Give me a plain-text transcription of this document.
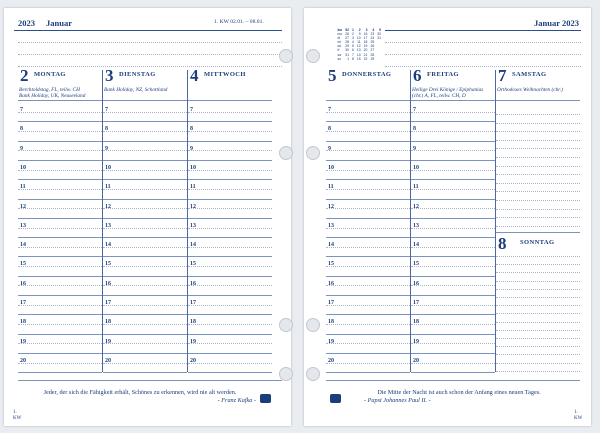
2023 Januar	1. KW 02.01. – 08.01.
2 MONTAG
Berchtoldstag, FL, teilw. CH
Bank Holiday, UK, Neuseeland
3 DIENSTAG
Bank Holiday, NZ, Schottland
4 MITTWOCH
7	7	7
8	8	8
9	9	9
10	10	10
11	11	11
12	12	12
13	13	13
14	14	14
15	15	15
16	16	16
17	17	17
18	18	18
19	19	19
20	20	20
Jeder, der sich die Fähigkeit erhält, Schönes zu erkennen, wird nie alt werden.
- Franz Kafka -
1.
KW
kw	52	1	2	3	4	5
mo	26	2	9	16	23	30
di	27	3	10	17	24	31
mi	28	4	11	18	25	
do	29	5	12	19	26	
fr	30	6	13	20	27	
sa	31	7	14	21	28	
so	1	8	15	22	29	
Januar 2023
5 DONNERSTAG 6 FREITAG
Heilige Drei Könige / Epiphanias
(chr.) A, FL, teilw. CH, D
7 SAMSTAG
Orthodoxes Weihnachten (chr.)
7	7
8	8
9	9
10	10
11	11
12	12
13	13
14	14
15	15
16	16
17	17
18	18
19	19
20	20
8 SONNTAG
Die Mitte der Nacht ist auch schon der Anfang eines neuen Tages.
- Papst Johannes Paul II. -
1.
KW
